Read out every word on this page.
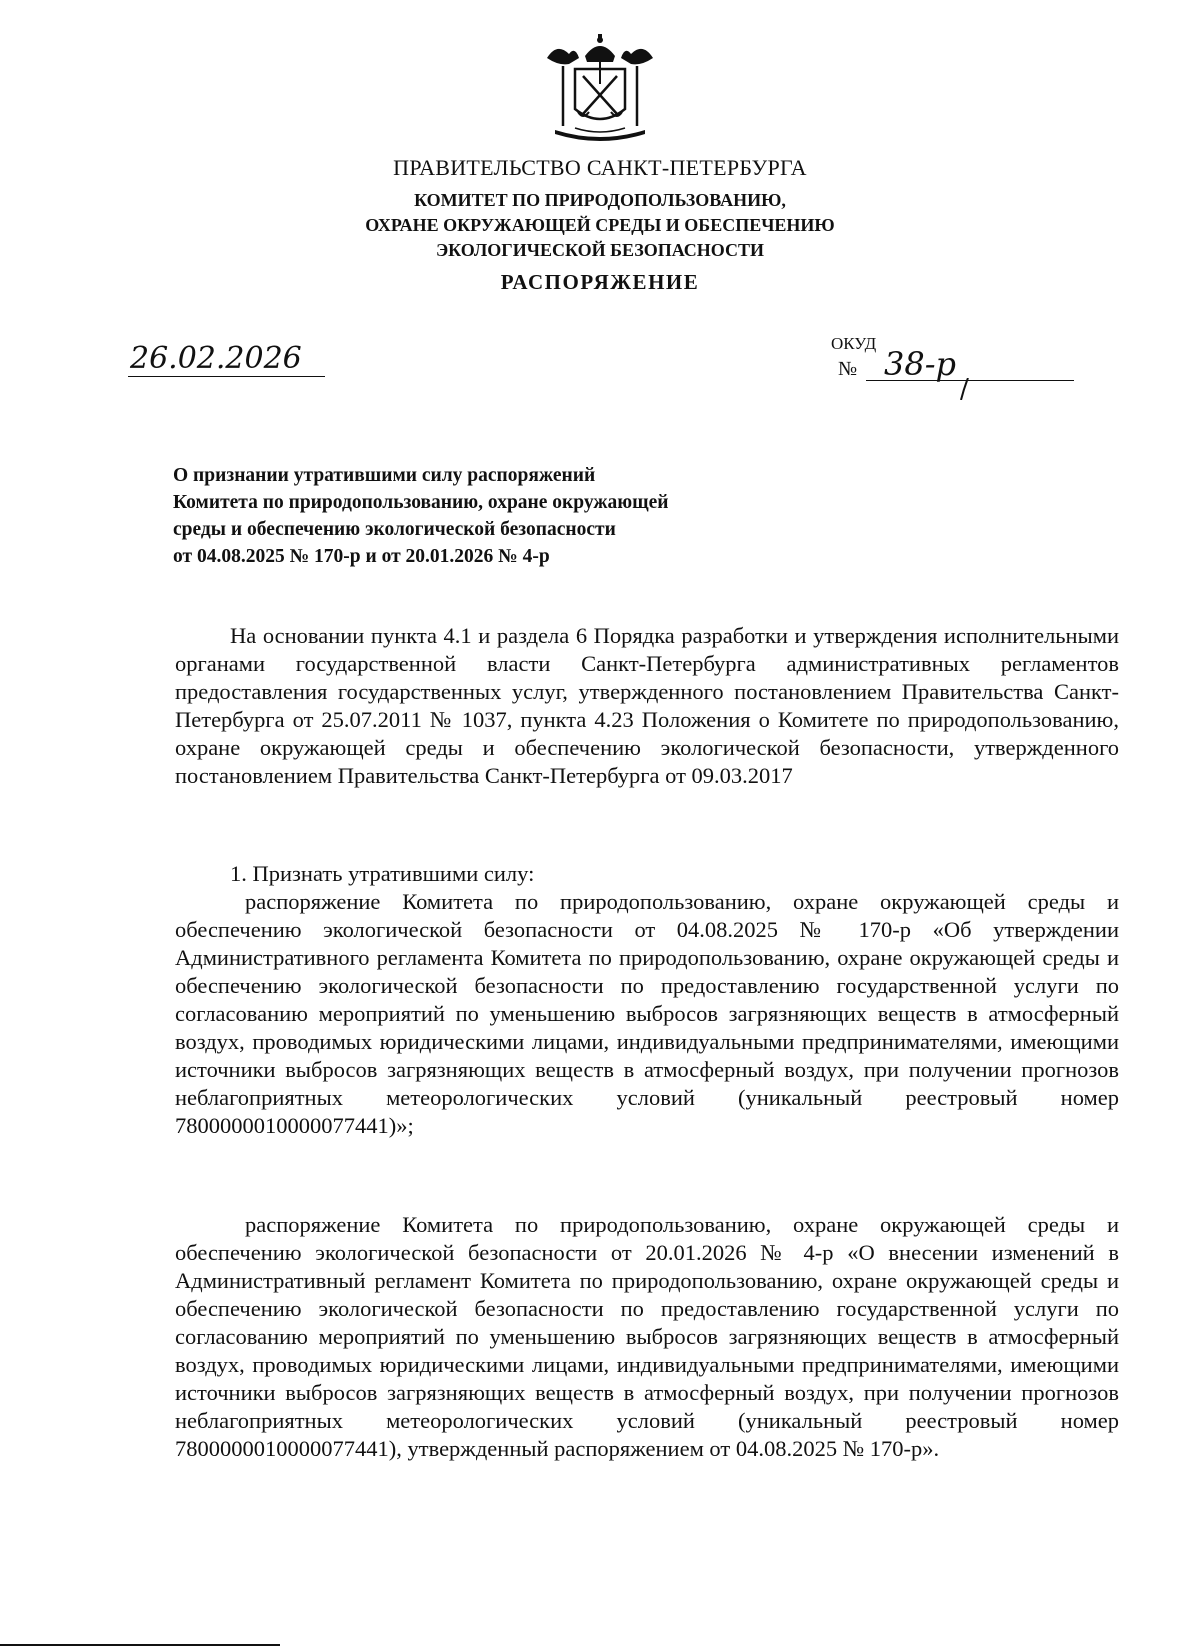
ПРАВИТЕЛЬСТВО САНКТ-ПЕТЕРБУРГА
КОМИТЕТ ПО ПРИРОДОПОЛЬЗОВАНИЮ,
ОХРАНЕ ОКРУЖАЮЩЕЙ СРЕДЫ И ОБЕСПЕЧЕНИЮ
ЭКОЛОГИЧЕСКОЙ БЕЗОПАСНОСТИ
РАСПОРЯЖЕНИЕ
26.02.2026	ОКУД
№ 38-р
О признании утратившими силу распоряжений
Комитета по природопользованию, охране окружающей
среды и обеспечению экологической безопасности
от 04.08.2025 № 170-р и от 20.01.2026 № 4-р
На основании пункта 4.1 и раздела 6 Порядка разработки и утверждения исполнительными органами государственной власти Санкт-Петербурга административных регламентов предоставления государственных услуг, утвержденного постановлением Правительства Санкт-Петербурга от 25.07.2011 № 1037, пункта 4.23 Положения о Комитете по природопользованию, охране окружающей среды и обеспечению экологической безопасности, утвержденного постановлением Правительства Санкт-Петербурга от 09.03.2017
1. Признать утратившими силу:
распоряжение Комитета по природопользованию, охране окружающей среды и обеспечению экологической безопасности от 04.08.2025 № 170-р «Об утверждении Административного регламента Комитета по природопользованию, охране окружающей среды и обеспечению экологической безопасности по предоставлению государственной услуги по согласованию мероприятий по уменьшению выбросов загрязняющих веществ в атмосферный воздух, проводимых юридическими лицами, индивидуальными предпринимателями, имеющими источники выбросов загрязняющих веществ в атмосферный воздух, при получении прогнозов неблагоприятных метеорологических условий (уникальный реестровый номер 7800000010000077441)»;
распоряжение Комитета по природопользованию, охране окружающей среды и обеспечению экологической безопасности от 20.01.2026 № 4-р «О внесении изменений в Административный регламент Комитета по природопользованию, охране окружающей среды и обеспечению экологической безопасности по предоставлению государственной услуги по согласованию мероприятий по уменьшению выбросов загрязняющих веществ в атмосферный воздух, проводимых юридическими лицами, индивидуальными предпринимателями, имеющими источники выбросов загрязняющих веществ в атмосферный воздух, при получении прогнозов неблагоприятных метеорологических условий (уникальный реестровый номер 7800000010000077441), утвержденный распоряжением от 04.08.2025 № 170-р».
